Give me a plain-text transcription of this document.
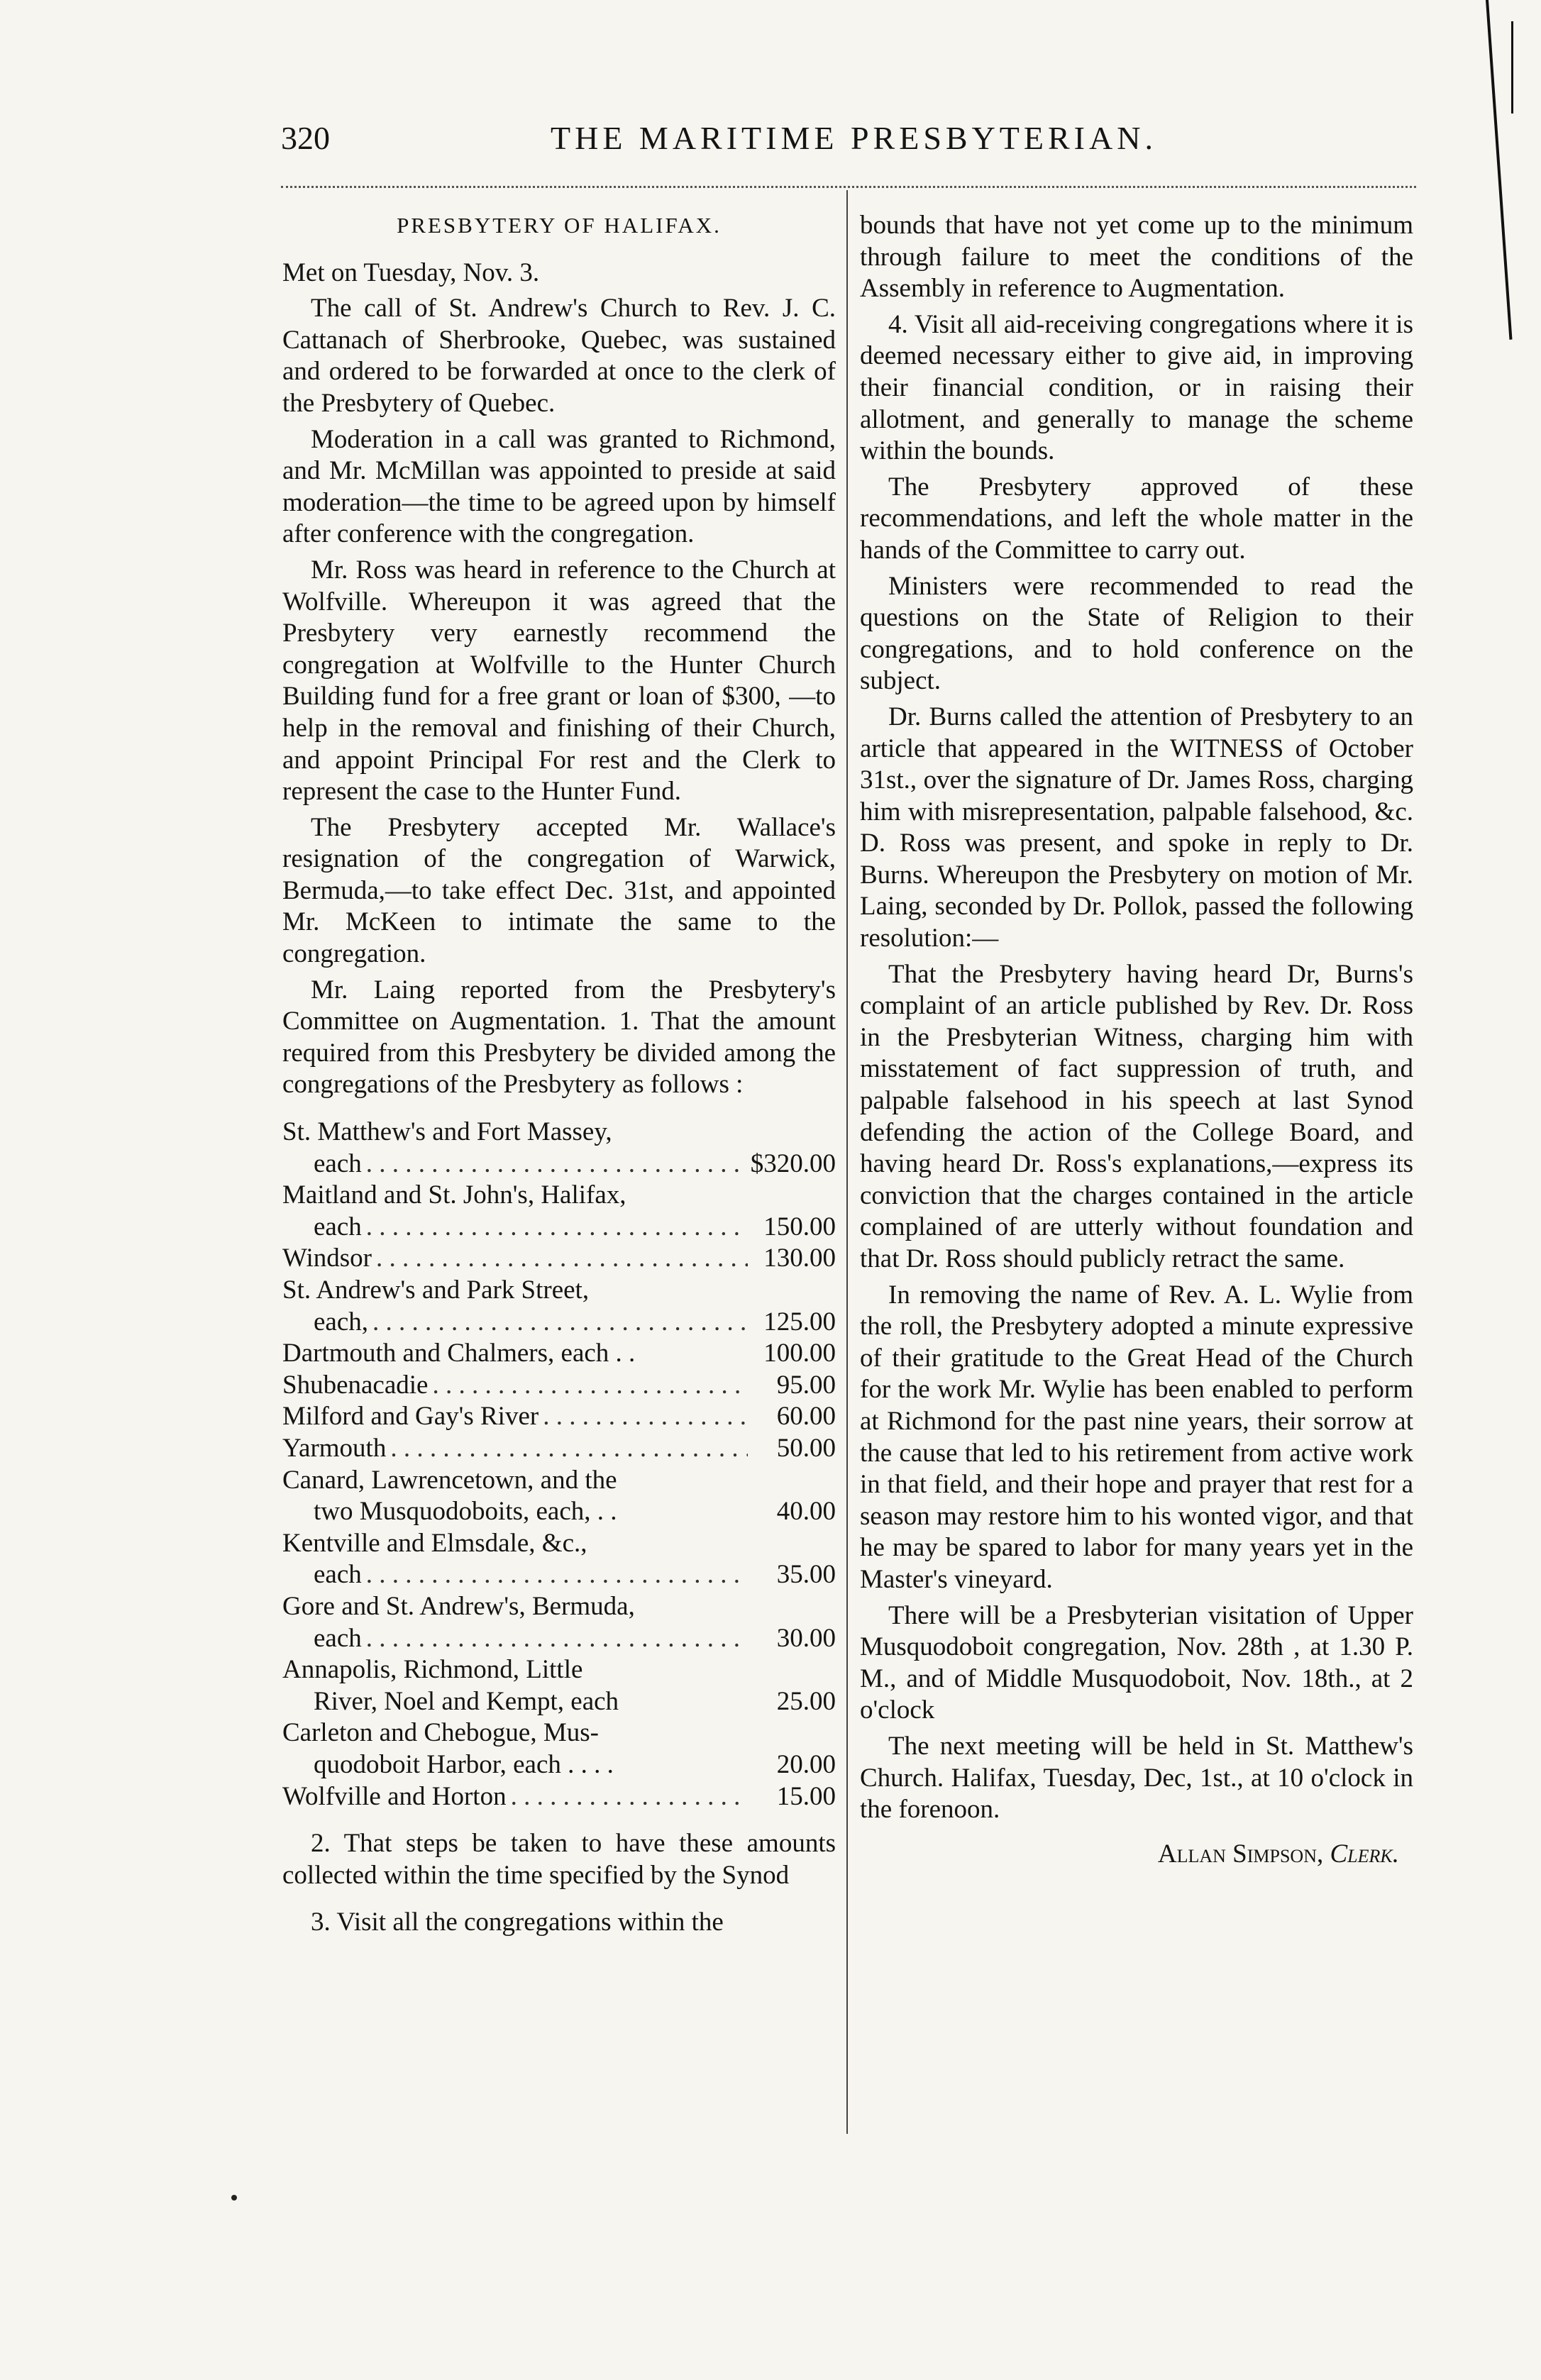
320	THE MARITIME PRESBYTERIAN.
PRESBYTERY OF HALIFAX.

Met on Tuesday, Nov. 3.

The call of St. Andrew's Church to Rev. J. C. Cattanach of Sherbrooke, Quebec, was sustained and ordered to be forwarded at once to the clerk of the Presbytery of Quebec.

Moderation in a call was granted to Richmond, and Mr. McMillan was appointed to preside at said moderation—the time to be agreed upon by himself after conference with the congregation.

Mr. Ross was heard in reference to the Church at Wolfville. Whereupon it was agreed that the Presbytery very earnestly recommend the congregation at Wolfville to the Hunter Church Building fund for a free grant or loan of $300, —to help in the removal and finishing of their Church, and appoint Principal For rest and the Clerk to represent the case to the Hunter Fund.

The Presbytery accepted Mr. Wallace's resignation of the congregation of Warwick, Bermuda,—to take effect Dec. 31st, and appointed Mr. McKeen to intimate the same to the congregation.

Mr. Laing reported from the Presbytery's Committee on Augmentation. 1. That the amount required from this Presbytery be divided among the congregations of the Presbytery as follows :

St. Matthew's and Fort Massey,
each . . .	$320.00
Maitland and St. John's, Halifax,
each . . .	150.00
Windsor . . .	130.00
St. Andrew's and Park Street,
each, . . .	125.00
Dartmouth and Chalmers, each . .	100.00
Shubenacadie . . .	95.00
Milford and Gay's River . . .	60.00
Yarmouth . . .	50.00
Canard, Lawrencetown, and the
two Musquodoboits, each, . .	40.00
Kentville and Elmsdale, &c.,
each . . .	35.00
Gore and St. Andrew's, Bermuda,
each . . .	30.00
Annapolis, Richmond, Little
River, Noel and Kempt, each	25.00
Carleton and Chebogue, Mus-
quodoboit Harbor, each . . . .	20.00
Wolfville and Horton . . .	15.00

2. That steps be taken to have these amounts collected within the time specified by the Synod

3. Visit all the congregations within the

bounds that have not yet come up to the minimum through failure to meet the conditions of the Assembly in reference to Augmentation.

4. Visit all aid-receiving congregations where it is deemed necessary either to give aid, in improving their financial condition, or in raising their allotment, and generally to manage the scheme within the bounds.

The Presbytery approved of these recommendations, and left the whole matter in the hands of the Committee to carry out.

Ministers were recommended to read the questions on the State of Religion to their congregations, and to hold conference on the subject.

Dr. Burns called the attention of Presbytery to an article that appeared in the WITNESS of October 31st., over the signature of Dr. James Ross, charging him with misrepresentation, palpable falsehood, &c. D. Ross was present, and spoke in reply to Dr. Burns. Whereupon the Presbytery on motion of Mr. Laing, seconded by Dr. Pollok, passed the following resolution:—

That the Presbytery having heard Dr, Burns's complaint of an article published by Rev. Dr. Ross in the Presbyterian Witness, charging him with misstatement of fact suppression of truth, and palpable falsehood in his speech at last Synod defending the action of the College Board, and having heard Dr. Ross's explanations,—express its conviction that the charges contained in the article complained of are utterly without foundation and that Dr. Ross should publicly retract the same.

In removing the name of Rev. A. L. Wylie from the roll, the Presbytery adopted a minute expressive of their gratitude to the Great Head of the Church for the work Mr. Wylie has been enabled to perform at Richmond for the past nine years, their sorrow at the cause that led to his retirement from active work in that field, and their hope and prayer that rest for a season may restore him to his wonted vigor, and that he may be spared to labor for many years yet in the Master's vineyard.

There will be a Presbyterian visitation of Upper Musquodoboit congregation, Nov. 28th , at 1.30 P. M., and of Middle Musquodoboit, Nov. 18th., at 2 o'clock

The next meeting will be held in St. Matthew's Church. Halifax, Tuesday, Dec, 1st., at 10 o'clock in the forenoon.

Allan Simpson, Clerk.
